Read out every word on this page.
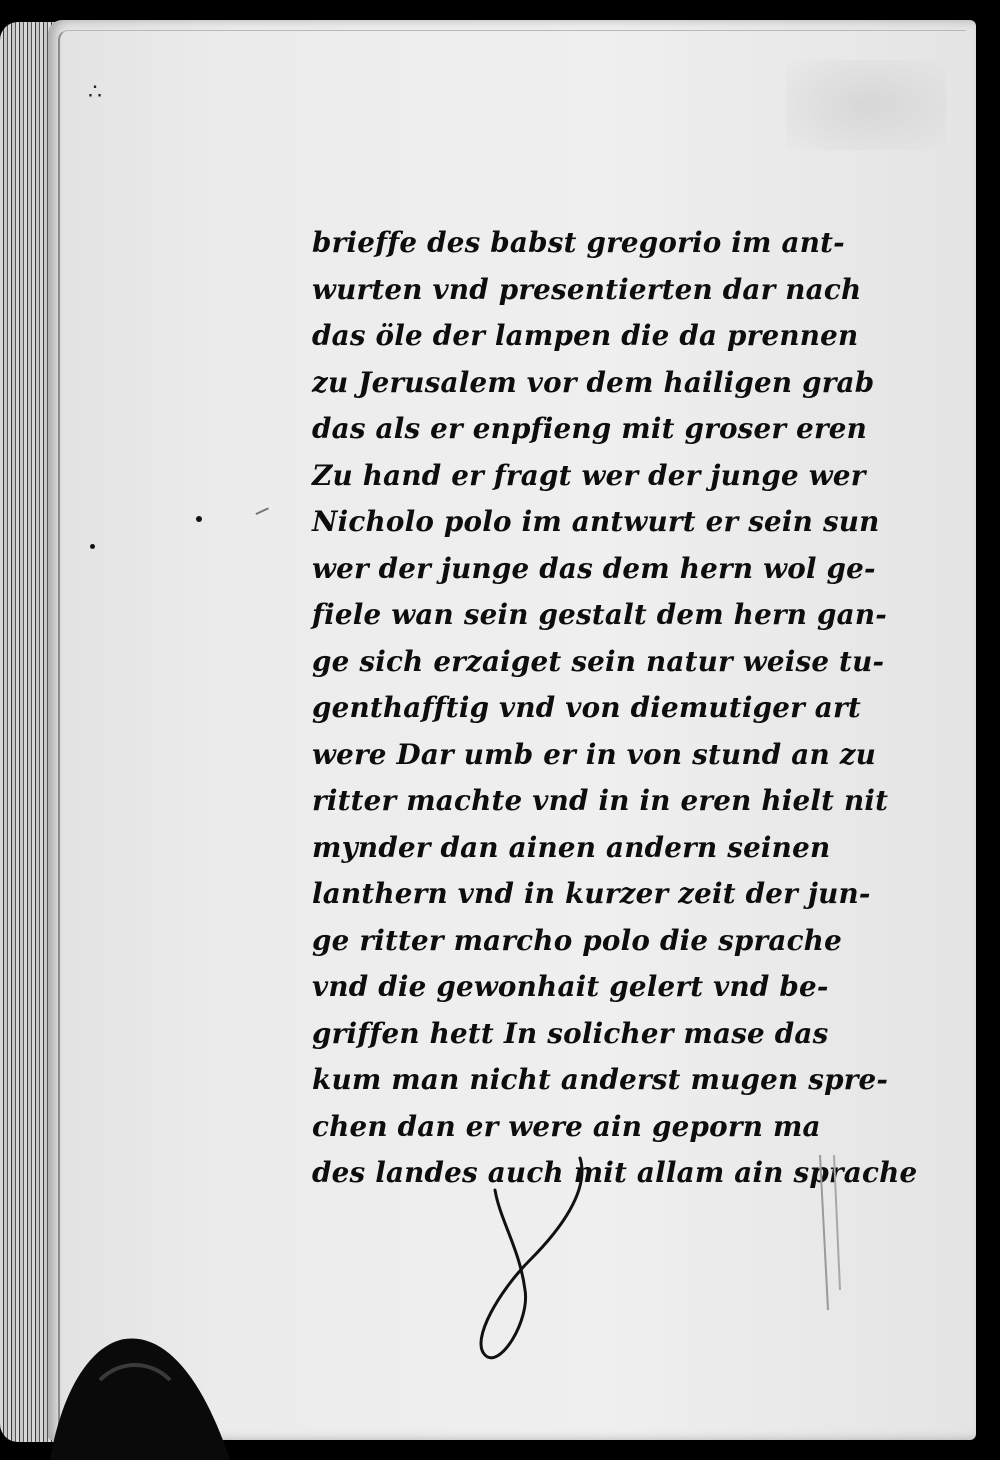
∴
brieffe des babst gregorio im ant-
wurten vnd presentierten dar nach
das öle der lampen die da prennen
zu Jerusalem vor dem hailigen grab
das als er enpfieng mit groser eren
Zu hand er fragt wer der junge wer
Nicholo polo im antwurt er sein sun
wer der junge das dem hern wol ge-
fiele wan sein gestalt dem hern gan-
ge sich erzaiget sein natur weise tu-
genthafftig vnd von diemutiger art
were Dar umb er in von stund an zu
ritter machte vnd in in eren hielt nit
mynder dan ainen andern seinen
lanthern vnd in kurzer zeit der jun-
ge ritter marcho polo die sprache
vnd die gewonhait gelert vnd be-
griffen hett In solicher mase das
kum man nicht anderst mugen spre-
chen dan er were ain geporn ma
des landes auch mit allam ain sprache
